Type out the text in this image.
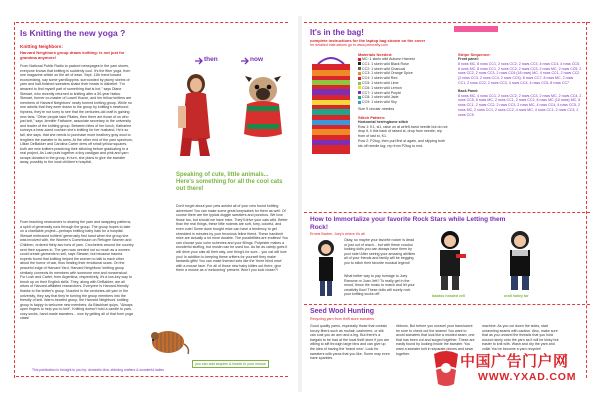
Is Knitting the new yoga ?
Knitting Neighbors:
Harvard Neighbors group draws knitting: is not just for grandma anymore!
From National Public Radio to packed newspages in the yarn stores, everyone knows that knitting is suddenly cool. It's the fiber yoga, from one magazine article on the art of ease. Sept. 11th trend toward economizing, say some yarnBoppins. surrounded by plump skeins of yarn and half-finished sweaters shake their heads in disbelief. "I'm amazed to find myself part of something that is hot," says Diane Stewart, who recently returned to knitting after a 50-year hiatus. Stewart, former co-master of Lowell House, and her fellow knitters are members of Harvard Neighbors' newly formed knitting group. While no one admits that they were drawn to the group by knitting's newfound hipness, they're not sorry to see that the centuries-old craft is gaining new fans. "Other people take Pilates, then there are those of us who just knit," says Jennifer Fathacre, associate secretary to the university and leader of the knitting group. Between bites of her lunch, Katharine surveys a bear-sized cushion she's knitting for her husband. He's so tall, she says, that she needs to purchase more heathery gray wool to lengthen the sweater in its arms. At the other end of the yarn spectrum, Lillian DeBakker and Carolina Carter drew off small yellow squares, both are new knitters practicing their stitching before graduating to a real project. As Lush puts together a tiny cardigan and pink and yarn scraps donated to the group, in turn, she plans to give the sweater away, possibly to the local children's hospital.
From teaching newcomers to sharing the yarn and swapping patterns, a spirit of generosity runs through the group. The group hopes to take on a charitable project—perhaps knitting baby hats for a hospital. Stewart embraced knitters' generosity first hand when the group she was involved with, the Women's Commission on Refugee Women and Children, ordered thirty-two tons of yarn. Crocheters around the country sent their squares in. The yarn was needed not so much as a women could create garments to sell, says Stewart, but because trauma experts found that knitting helped the women to talk to each other about the horror of war, thus healing their emotional scars. On the peaceful edge of Harvard Yard, Harvard Neighbors' knitting group similarly connects its members with someone new and nonsensical. For Lush and Carter, from Argentina, respectively, it's a low-key way to brush up on their English skills. They, along with DeBakker, are all wives of Harvard-affiliated researchers. Everyone is Harvard-friendly thanks to the knitter's group. Nuzzled in the centuries-old yarn in the university, they say that they're turning the group members into the friendly of knit. Warm-hearted group, the Harvard Neighbors' knitting group is happy to welcome new members. As Blackhart quips, "Always open fingers to help you to knit". Knitting doesn't hold a candle to yarn, cozy socks, hand-made sweaters... now by getting all of that from yoga class!
then	now
Speaking of cute, little animals... Here's something for all the cool cats out there!
Don't forget about your pets amidst all of your new found knitting adventure! You can make some great keepsakes for them as well. Of course there are the typical doggie sweaters and ponchos. We love those too, but should we have mice. They'll drive your cats wild. Better than the real things, these little rodents are soft, furry, colorful, and even cute! Some done bought mice can have a tendency to get shredded in minutes by your ferocious feline friend. These handknit mice are actually a lot more durable. The possibilities are endless! You can choose your color schemes and your fillings. Polyester makes a wonderful stuffing, but muslin can be used too. As far as catnip goes it will drive your cats all their way, one thing's for sure... you cat will love you! In addition to keeping these critters for yourself they make fantastic gifts! You can make themed sets like the 'three blind mice' with a mouse face. For all of those new baby kitties out there, give them a mouse as a 'welcoming' present. Won't you look closer?!
you can add sequins & beads to your mouse
This publication is brought to you by: domestic diva, stitching crafters & wonderful ladies
It's in the bag!
complete instructions for the laptop bag shown on the cover
for detailed instructions go to www.peecrafty.com
Materials Needed:
MC: 1 skein wild Autumn Harvest
CC1: 1 skein wild Black Rose
CC2: 1 skein wild Charcoal
CC3: 1 skein wild Orange Spice
CC4: 1 skein wild Red
CC5: 1 skein wild Lime
CC6: 1 skein wild Lemon
CC7: 1 skein wild Purple
CC8: 1 skein wild Jade
CC9: 1 skein wild Sky
Size 9 circular needles
Stitch Pattern:
Horizontal herringbone stitch
Row 1: K1, sl1, raise on at wrfefl-hand needle but do not drop it, k this back of raised st, drop from needle; rep from of last st, K1.
Row 2: P2tog, then purl first st again, and slipping both sts off needle tog; rep from P2tog to end.
Stripe Sequence:
Front panel:
8 rows MC, 8 rows CC1, 2 rows CC2, 2 rows CC3, 4 rows CC4, 4 rows CC5, 8 rows MC, 8 rows CC1, 2 rows CC2, 2 rows CC3, 2 rows MC, 2 rows CC5, 2 rows CC2, 2 rows CC3, 2 rows CC6 (18 rows) MC, 4 rows CC1, 2 rows CC2 (2 rows CC3, 2 rows CC4, 2 rows CC5), 8 rows CC7, 8 rows MC, 2 rows CC1, 2 rows CC2, 2 rows CC3, 4 rows CC4, 4 rows CC5, 8 rows CC7
Back Panel:
8 rows MC, 4 rows CC1, 2 rows CC2, 2 rows CC3, 2 rows MC, 2 rows CC4, 2 rows CC5, 8 rows MC, 2 rows CC1, 2 rows CC2, 8 rows MC (10 rows) MC, 8 rows CC1, 2 rows CC2, 2 rows CC3, 2 rows MC, 4 rows CC4, 4 rows CC5, 2 rows MC, 2 rows CC1, 2 rows CC2, 4 rows MC, 4 rows CC1, 2 rows CC3, 2 rows CC5
How to Immortalize your favorite Rock Stars while Letting them Rock!
Ernest Barber, Joey's where it's at!
Okay, so maybe your favorite rocker is dead or just out of reach... but with these voodoo looking dolls you can always have them by your side! After seeing your amazing abilities all of your friends and family will be begging you to stitch their favorite musical legend!
What better way to pay homage to Joey Ramone or Joan Jett? To really get in the mood, throw the music to match and let your creativity flow! These dolls will surely rock your knitting socks off!	badass headed cell	oralt hailey tar
Seed Wool Hunting
Recycling yarn from thrift store sweaters
Good quality yarns, especially those that contain luxury fibers such as mohair, cashmere, or silk can cost you an arm and a leg. But there's a bargain to be had at the local thrift store if you are willing to sift through large bins and can give up the idea of having the 'brand new'. Look for sweaters with yarns that you like. Some may even have sparkles.
ribbons. But before you unravel your translucent be sure to check out the seams! You want to avoid sweaters that look like a molded seam, one that has been cut and surged together. These are easily found by looking inside the sweater. You want a sweater knit in separate pieces and sewn together.
machine. As you cut down the sides, start unraveling seams with caution. Also, make sure that as you unravel the threads that you hold wound nicely onto the yarn as it will be kinky but easier to knit with. Wash and dry the yarn and voila! You've become a yarn recycler!
中国广告门户网
WWW.YXAD.COM
